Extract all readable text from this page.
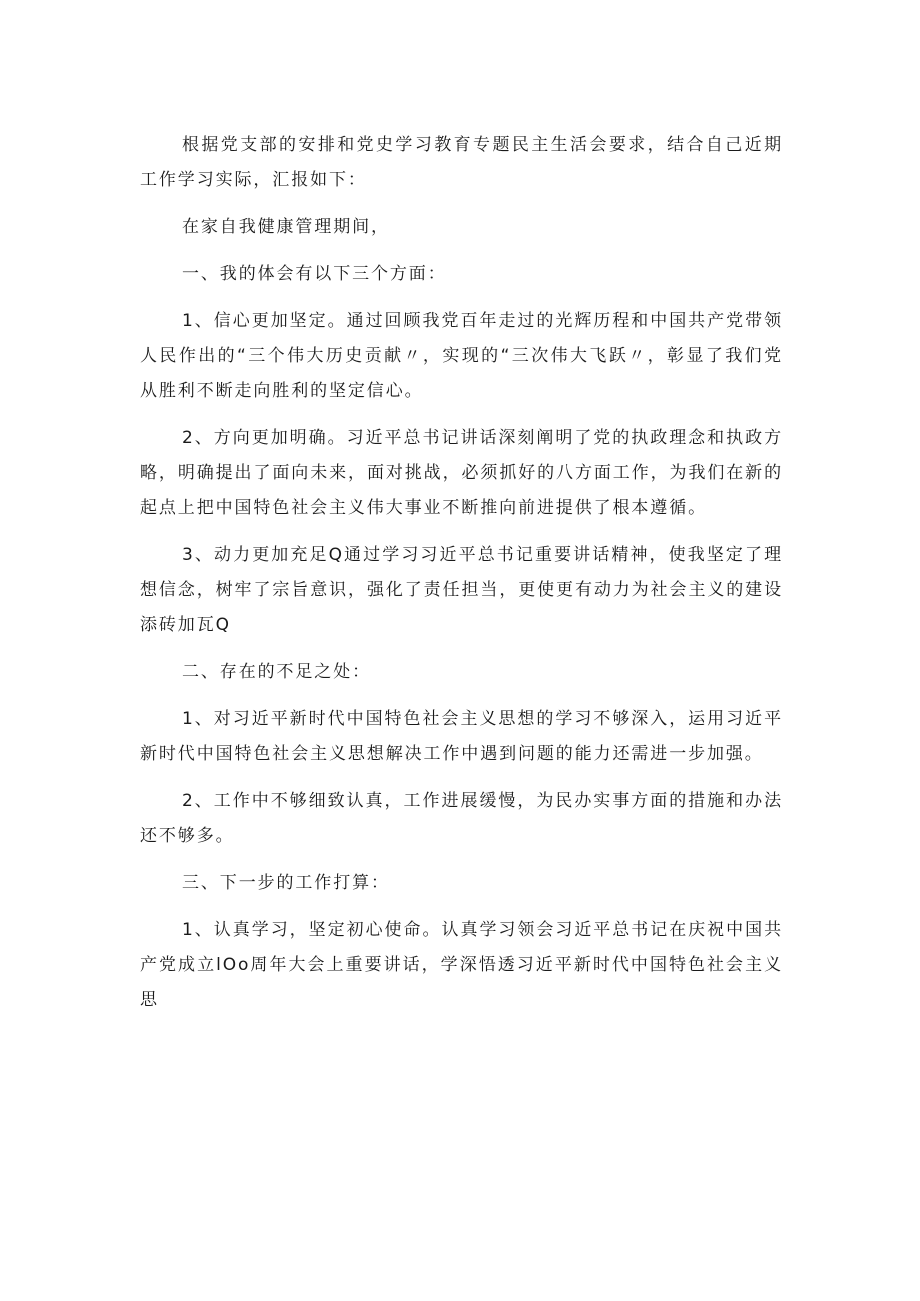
根据党支部的安排和党史学习教育专题民主生活会要求，结合自己近期工作学习实际，汇报如下：

在家自我健康管理期间，

一、我的体会有以下三个方面：

1、信心更加坚定。通过回顾我党百年走过的光辉历程和中国共产党带领人民作出的“三个伟大历史贡献〃，实现的“三次伟大飞跃〃，彰显了我们党从胜利不断走向胜利的坚定信心。

2、方向更加明确。习近平总书记讲话深刻阐明了党的执政理念和执政方略，明确提出了面向未来，面对挑战，必须抓好的八方面工作，为我们在新的起点上把中国特色社会主义伟大事业不断推向前进提供了根本遵循。

3、动力更加充足Q通过学习习近平总书记重要讲话精神，使我坚定了理想信念，树牢了宗旨意识，强化了责任担当，更使更有动力为社会主义的建设添砖加瓦Q

二、存在的不足之处：

1、对习近平新时代中国特色社会主义思想的学习不够深入，运用习近平新时代中国特色社会主义思想解决工作中遇到问题的能力还需进一步加强。

2、工作中不够细致认真，工作进展缓慢，为民办实事方面的措施和办法还不够多。

三、下一步的工作打算：

1、认真学习，坚定初心使命。认真学习领会习近平总书记在庆祝中国共产党成立lOo周年大会上重要讲话，学深悟透习近平新时代中国特色社会主义思
